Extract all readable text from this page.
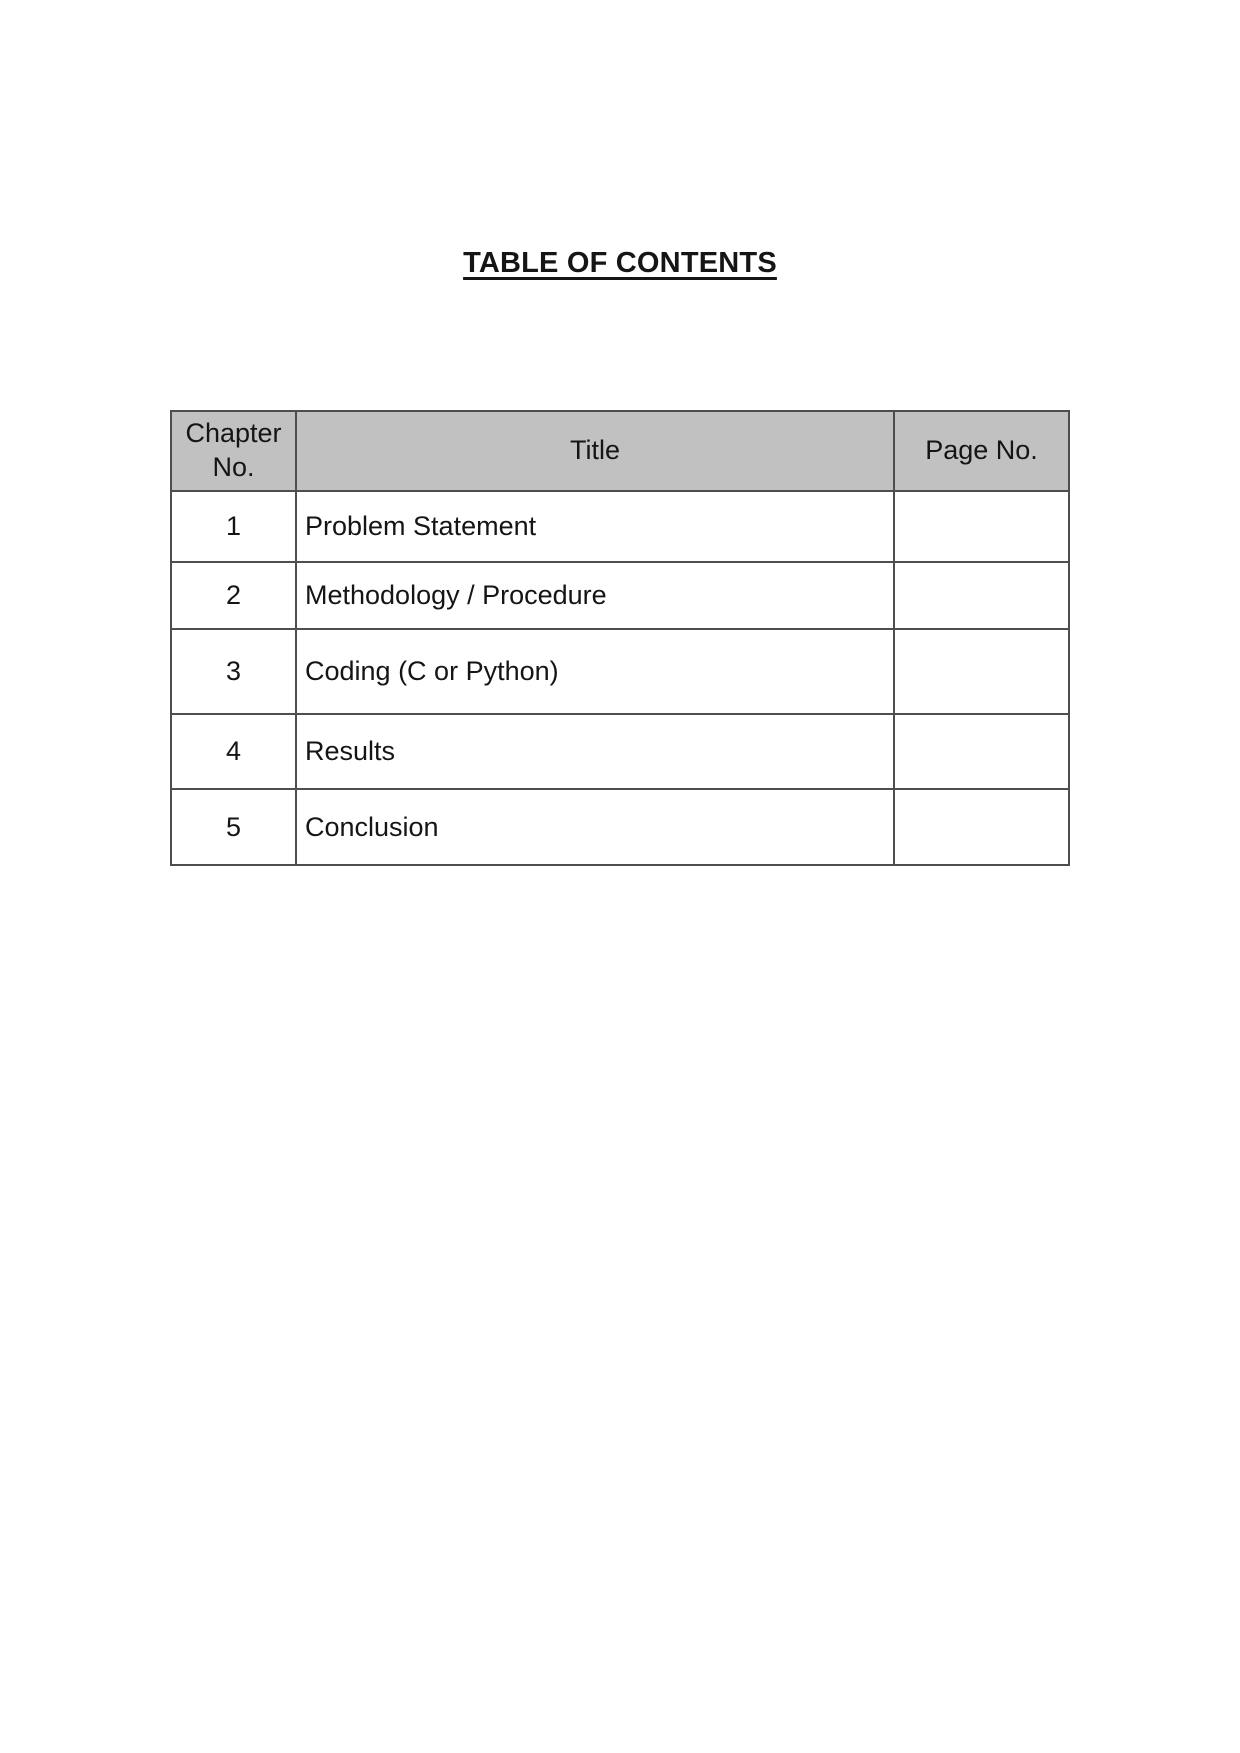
TABLE OF CONTENTS
Chapter No.	Title	Page No.
1	Problem Statement	
2	Methodology / Procedure	
3	Coding (C or Python)	
4	Results	
5	Conclusion	
